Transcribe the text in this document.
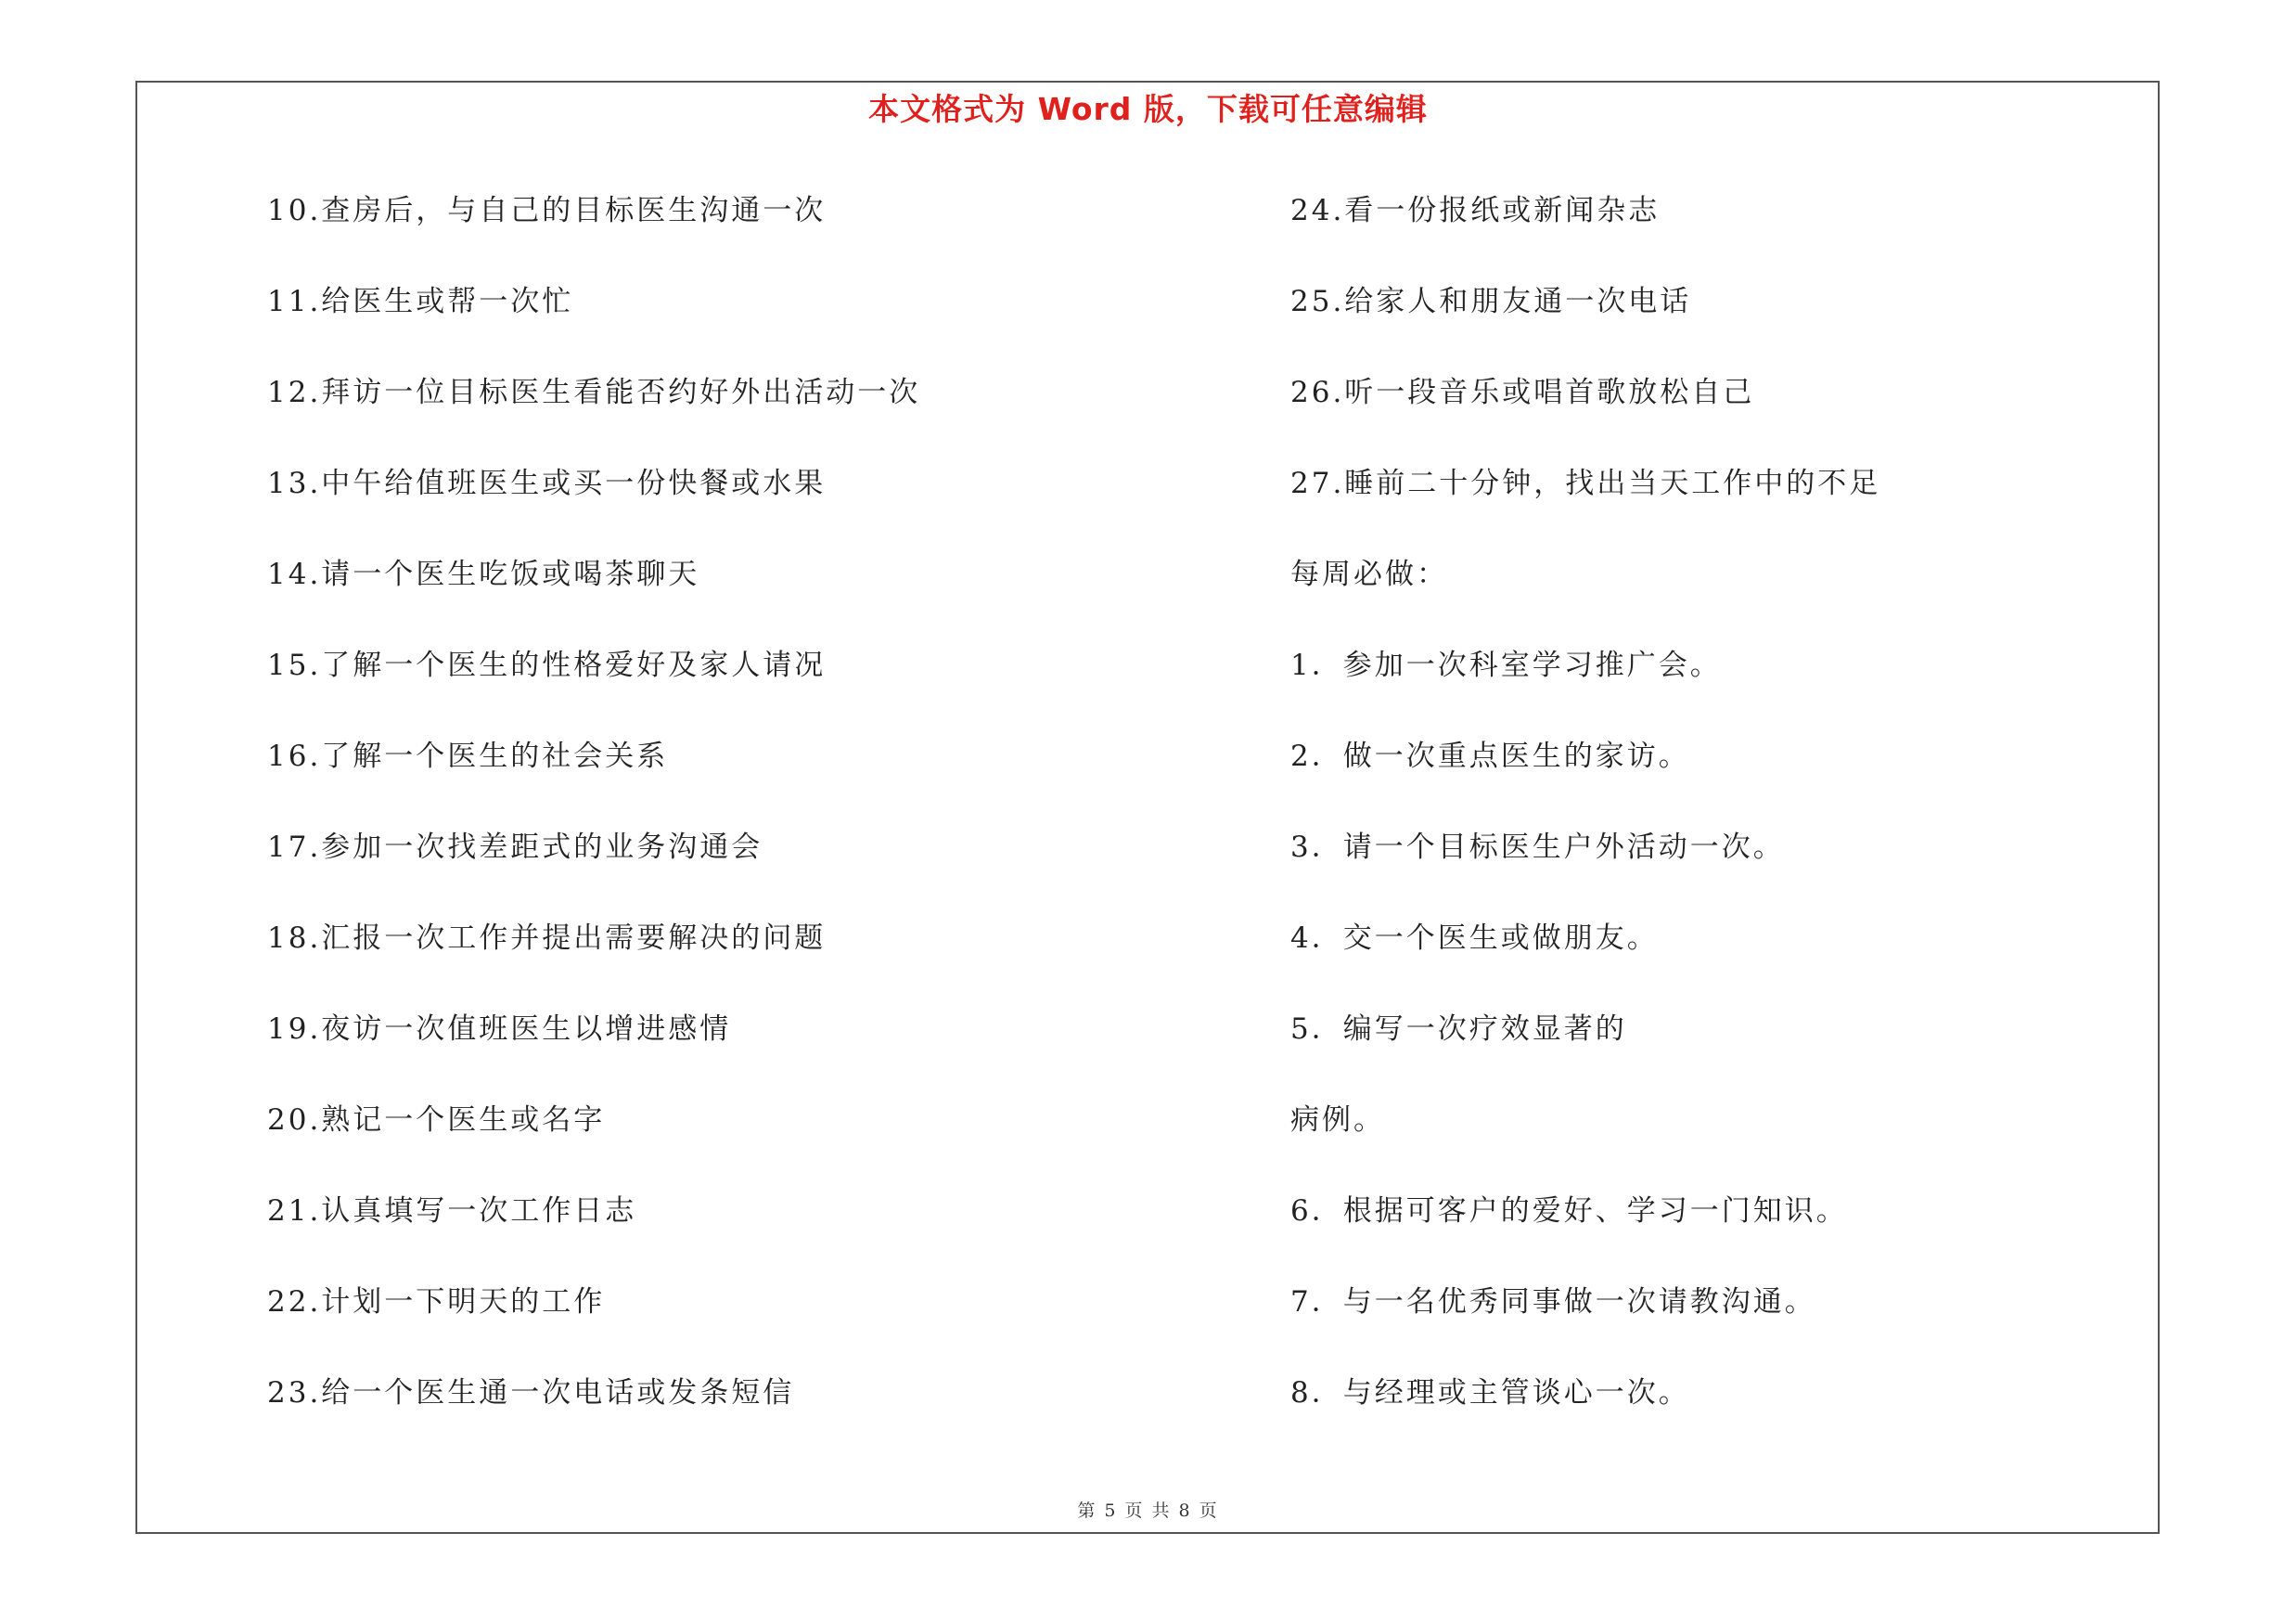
本文格式为 Word 版，下载可任意编辑
10.查房后，与自己的目标医生沟通一次
11.给医生或帮一次忙
12.拜访一位目标医生看能否约好外出活动一次
13.中午给值班医生或买一份快餐或水果
14.请一个医生吃饭或喝茶聊天
15.了解一个医生的性格爱好及家人请况
16.了解一个医生的社会关系
17.参加一次找差距式的业务沟通会
18.汇报一次工作并提出需要解决的问题
19.夜访一次值班医生以增进感情
20.熟记一个医生或名字
21.认真填写一次工作日志
22.计划一下明天的工作
23.给一个医生通一次电话或发条短信
24.看一份报纸或新闻杂志
25.给家人和朋友通一次电话
26.听一段音乐或唱首歌放松自己
27.睡前二十分钟，找出当天工作中的不足
每周必做：
1．参加一次科室学习推广会。
2．做一次重点医生的家访。
3．请一个目标医生户外活动一次。
4．交一个医生或做朋友。
5．编写一次疗效显著的
病例。
6．根据可客户的爱好、学习一门知识。
7．与一名优秀同事做一次请教沟通。
8．与经理或主管谈心一次。
第 5 页 共 8 页
